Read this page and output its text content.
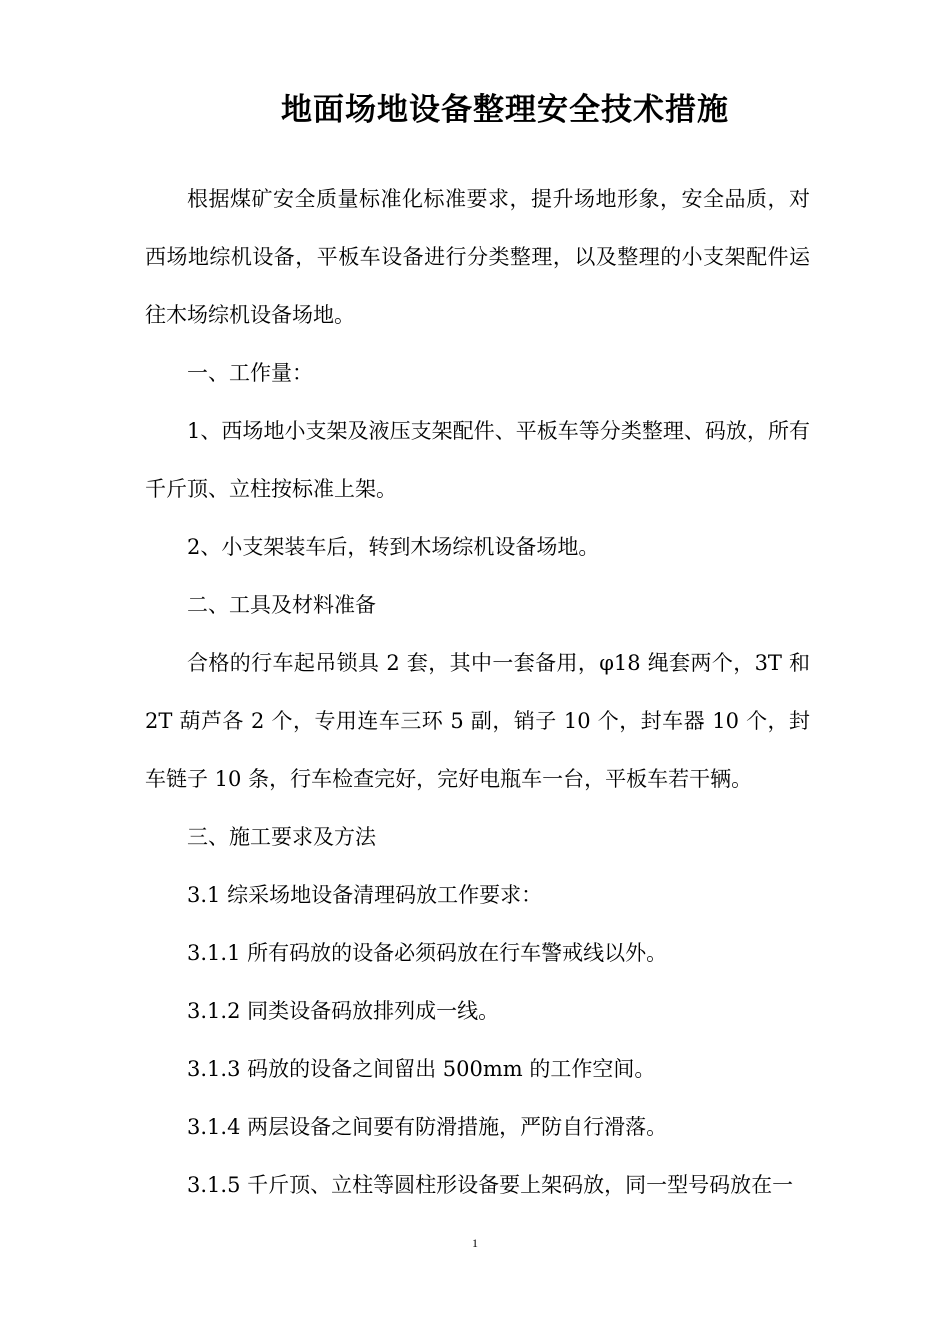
地面场地设备整理安全技术措施

根据煤矿安全质量标准化标准要求，提升场地形象，安全品质，对西场地综机设备，平板车设备进行分类整理，以及整理的小支架配件运往木场综机设备场地。

一、工作量：

1、西场地小支架及液压支架配件、平板车等分类整理、码放，所有千斤顶、立柱按标准上架。

2、小支架装车后，转到木场综机设备场地。

二、工具及材料准备

合格的行车起吊锁具 2 套，其中一套备用，φ18 绳套两个，3T 和 2T 葫芦各 2 个，专用连车三环 5 副，销子 10 个，封车器 10 个，封车链子 10 条，行车检查完好，完好电瓶车一台，平板车若干辆。

三、施工要求及方法

3.1 综采场地设备清理码放工作要求：

3.1.1 所有码放的设备必须码放在行车警戒线以外。

3.1.2 同类设备码放排列成一线。

3.1.3 码放的设备之间留出 500mm 的工作空间。

3.1.4 两层设备之间要有防滑措施，严防自行滑落。

3.1.5 千斤顶、立柱等圆柱形设备要上架码放，同一型号码放在一

1
